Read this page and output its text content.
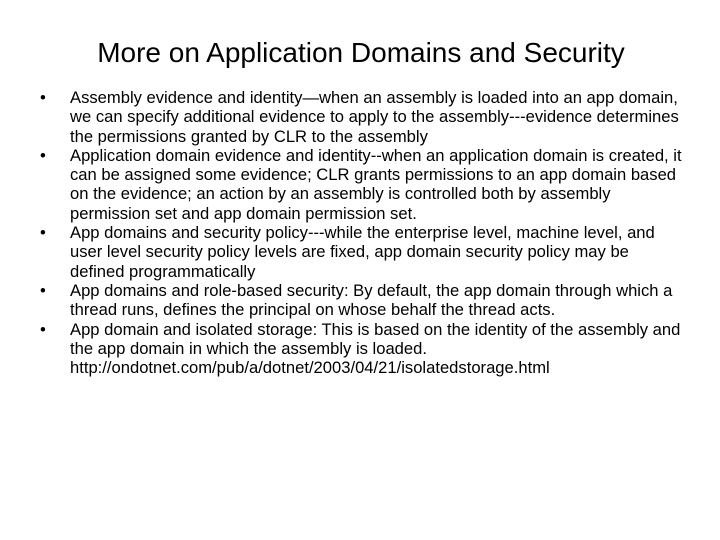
More on Application Domains and Security
•	Assembly evidence and identity—when an assembly is loaded into an app domain, we can specify additional evidence to apply to the assembly---evidence determines the permissions granted by CLR to the assembly
•	Application domain evidence and identity--when an application domain is created, it can be assigned some evidence; CLR grants permissions to an app domain based on the evidence; an action by an assembly is controlled both by assembly permission set and app domain permission set.
•	App domains and security policy---while the enterprise level, machine level, and user level security policy levels are fixed, app domain security policy may be defined programmatically
•	App domains and role-based security: By default, the app domain through which a thread runs, defines the principal on whose behalf the thread acts.
•	App domain and isolated storage: This is based on the identity of the assembly and the app domain in which the assembly is loaded. http://ondotnet.com/pub/a/dotnet/2003/04/21/isolatedstorage.html
